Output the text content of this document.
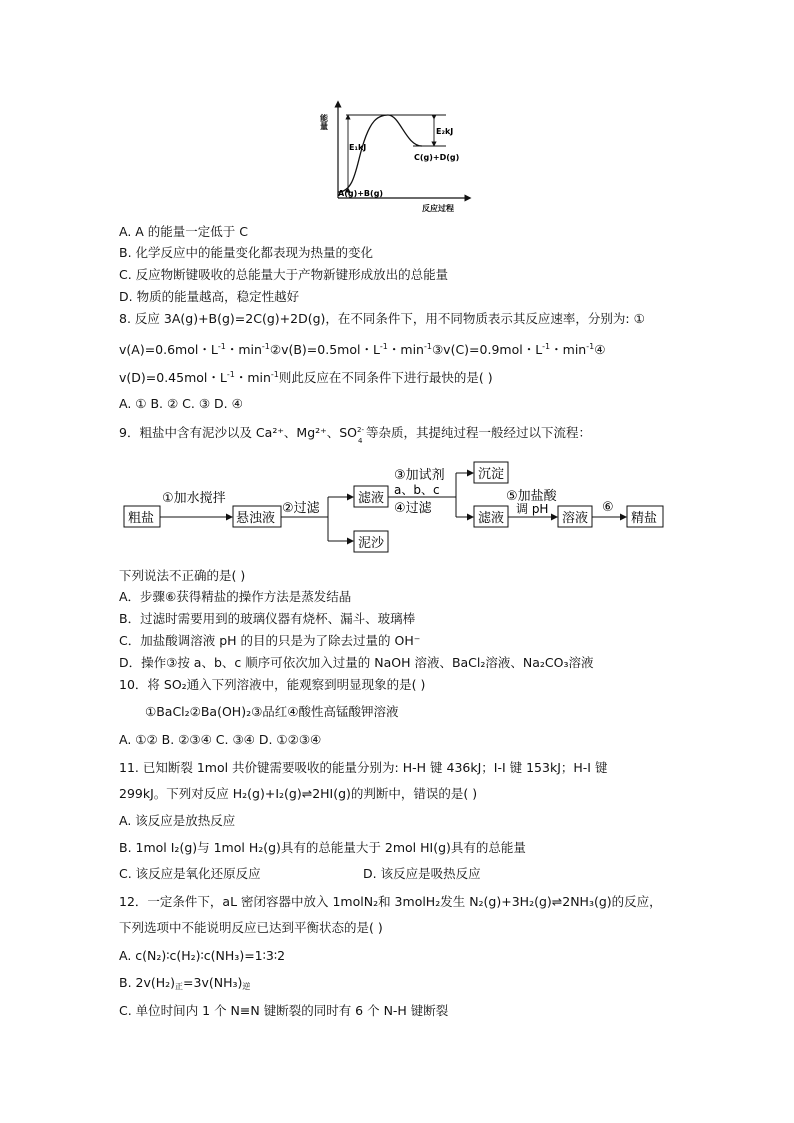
能量
E₁kJ
E₂kJ
C(g)+D(g)
A(g)+B(g)
反应过程
A. A 的能量一定低于 C
B. 化学反应中的能量变化都表现为热量的变化
C. 反应物断键吸收的总能量大于产物新键形成放出的总能量
D. 物质的能量越高，稳定性越好
8. 反应 3A(g)+B(g)=2C(g)+2D(g)，在不同条件下，用不同物质表示其反应速率，分别为: ①
v(A)=0.6mol・$L^{-1}$・$\min^{-1}②v(B)=0.5mol$・$L^{-1}$・$\min^{-1}③v(C)=0.9mol$・$L^{-1}$・$\min^{-1}④$
v(D)=0.45mol・$L^{-1}$・$\min^{-1}$则此反应在不同条件下进行最快的是( )
A. ① B. ② C. ③ D. ④
9．粗盐中含有泥沙以及 Ca²⁺、Mg²⁺、SO 2-
4
等杂质，其提纯过程一般经过以下流程：
粗盐
①加水搅拌
悬浊液
②过滤
滤液
泥沙
③加试剂
a、b、c
④过滤
沉淀
滤液
⑤加盐酸
调 pH
溶液
⑥
精盐
下列说法不正确的是( )
A．步骤⑥获得精盐的操作方法是蒸发结晶
B．过滤时需要用到的玻璃仪器有烧杯、漏斗、玻璃棒
C．加盐酸调溶液 pH 的目的只是为了除去过量的 OH⁻
D．操作③按 a、b、c 顺序可依次加入过量的 NaOH 溶液、BaCl₂溶液、Na₂CO₃溶液
10．将 SO₂通入下列溶液中，能观察到明显现象的是( )
①BaCl₂②Ba(OH)₂③品红④酸性高锰酸钾溶液
A. ①② B. ②③④ C. ③④ D. ①②③④
11. 已知断裂 1mol 共价键需要吸收的能量分别为: H-H 键 436kJ；I-I 键 153kJ；H-I 键
299kJ。下列对反应 H₂(g)+I₂(g)⇌2HI(g)的判断中，错误的是( )
A. 该反应是放热反应
B. 1mol I₂(g)与 1mol H₂(g)具有的总能量大于 2mol HI(g)具有的总能量
C. 该反应是氧化还原反应	D. 该反应是吸热反应
12．一定条件下，aL 密闭容器中放入 1molN₂和 3molH₂发生 N₂(g)+3H₂(g)⇌2NH₃(g)的反应，
下列选项中不能说明反应已达到平衡状态的是( )
A. c(N₂)∶c(H₂)∶c(NH₃)=1∶3∶2
B. $2v(H_2)_正=3v(NH_3)_逆$
C. 单位时间内 1 个 N≡N 键断裂的同时有 6 个 N-H 键断裂
